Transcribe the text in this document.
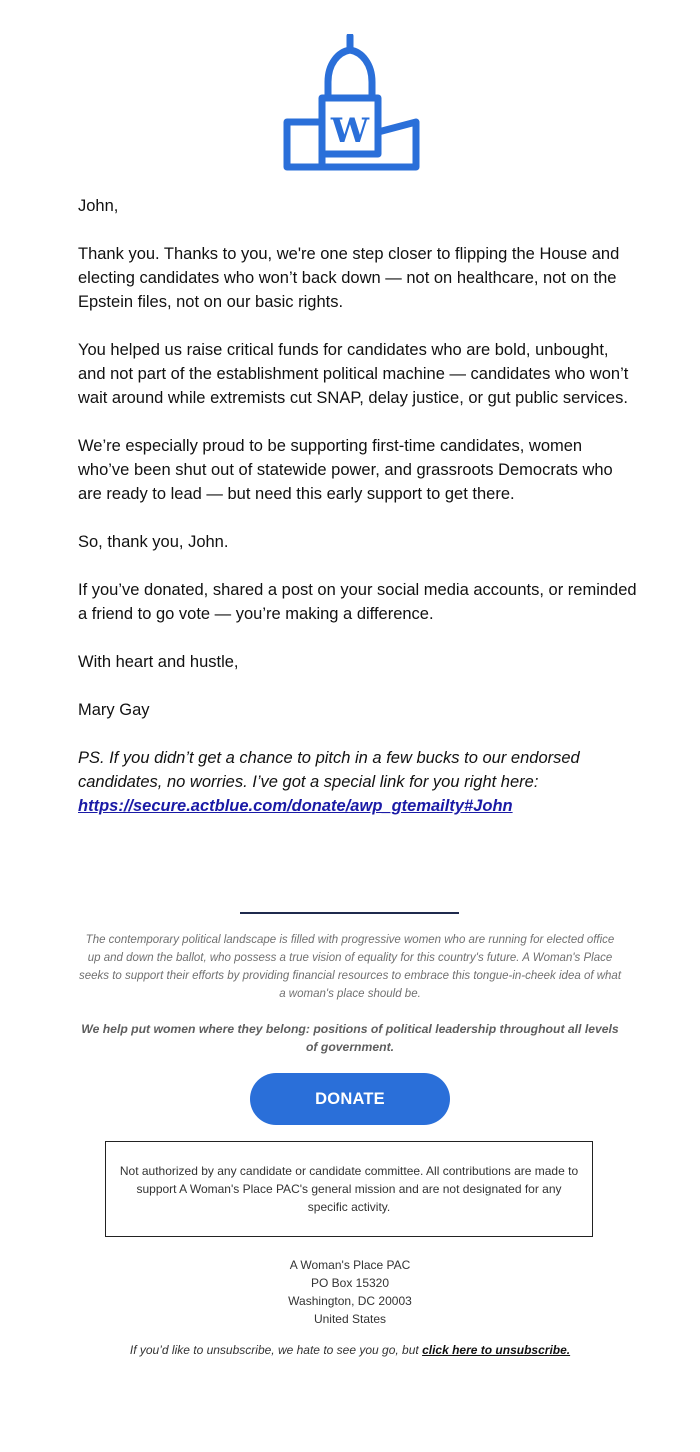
W

John,

Thank you. Thanks to you, we're one step closer to flipping the House and electing candidates who won’t back down — not on healthcare, not on the Epstein files, not on our basic rights.

You helped us raise critical funds for candidates who are bold, unbought, and not part of the establishment political machine — candidates who won’t wait around while extremists cut SNAP, delay justice, or gut public services.

We’re especially proud to be supporting first-time candidates, women who’ve been shut out of statewide power, and grassroots Democrats who are ready to lead — but need this early support to get there.

So, thank you, John.

If you’ve donated, shared a post on your social media accounts, or reminded a friend to go vote — you’re making a difference.

With heart and hustle,

Mary Gay

PS. If you didn’t get a chance to pitch in a few bucks to our endorsed candidates, no worries. I’ve got a special link for you right here:
https://secure.actblue.com/donate/awp_gtemailty#John

The contemporary political landscape is filled with progressive women who are running for elected office up and down the ballot, who possess a true vision of equality for this country's future. A Woman's Place seeks to support their efforts by providing financial resources to embrace this tongue-in-cheek idea of what a woman's place should be.
We help put women where they belong: positions of political leadership throughout all levels of government.
DONATE
Not authorized by any candidate or candidate committee. All contributions are made to support A Woman's Place PAC's general mission and are not designated for any specific activity.
A Woman's Place PAC
PO Box 15320
Washington, DC 20003
United States
If you’d like to unsubscribe, we hate to see you go, but click here to unsubscribe.
